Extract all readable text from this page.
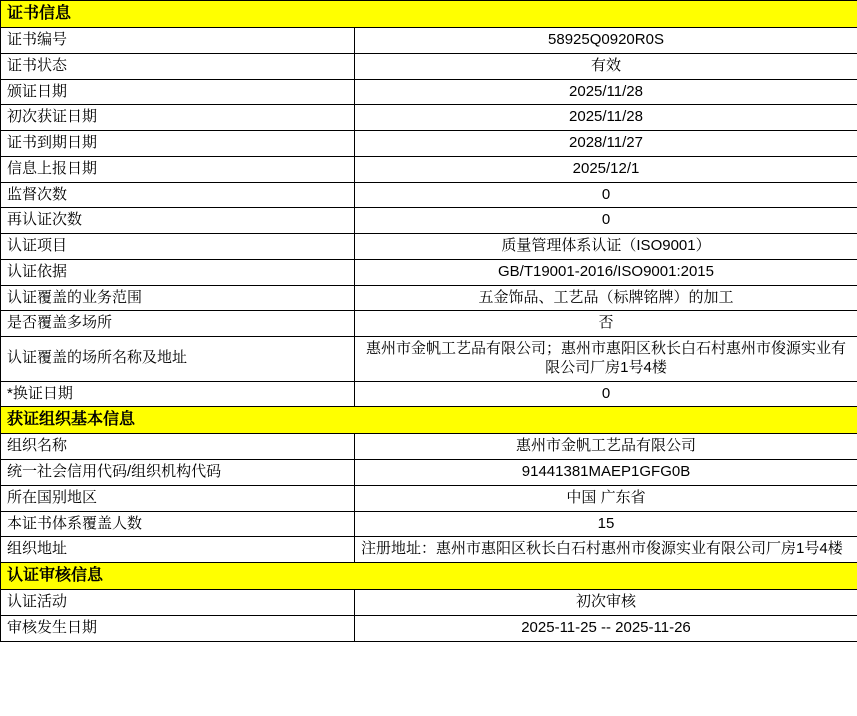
证书信息	
证书编号	58925Q0920R0S
证书状态	有效
颁证日期	2025/11/28
初次获证日期	2025/11/28
证书到期日期	2028/11/27
信息上报日期	2025/12/1
监督次数	0
再认证次数	0
认证项目	质量管理体系认证（ISO9001）
认证依据	GB/T19001-2016/ISO9001:2015
认证覆盖的业务范围	五金饰品、工艺品（标牌铭牌）的加工
是否覆盖多场所	否
认证覆盖的场所名称及地址	惠州市金帆工艺品有限公司；惠州市惠阳区秋长白石村惠州市俊源实业有限公司厂房1号4楼
*换证日期	0
获证组织基本信息	
组织名称	惠州市金帆工艺品有限公司
统一社会信用代码/组织机构代码	91441381MAEP1GFG0B
所在国别地区	中国 广东省
本证书体系覆盖人数	15
组织地址	注册地址：惠州市惠阳区秋长白石村惠州市俊源实业有限公司厂房1号4楼
认证审核信息	
认证活动	初次审核
审核发生日期	2025-11-25 -- 2025-11-26
